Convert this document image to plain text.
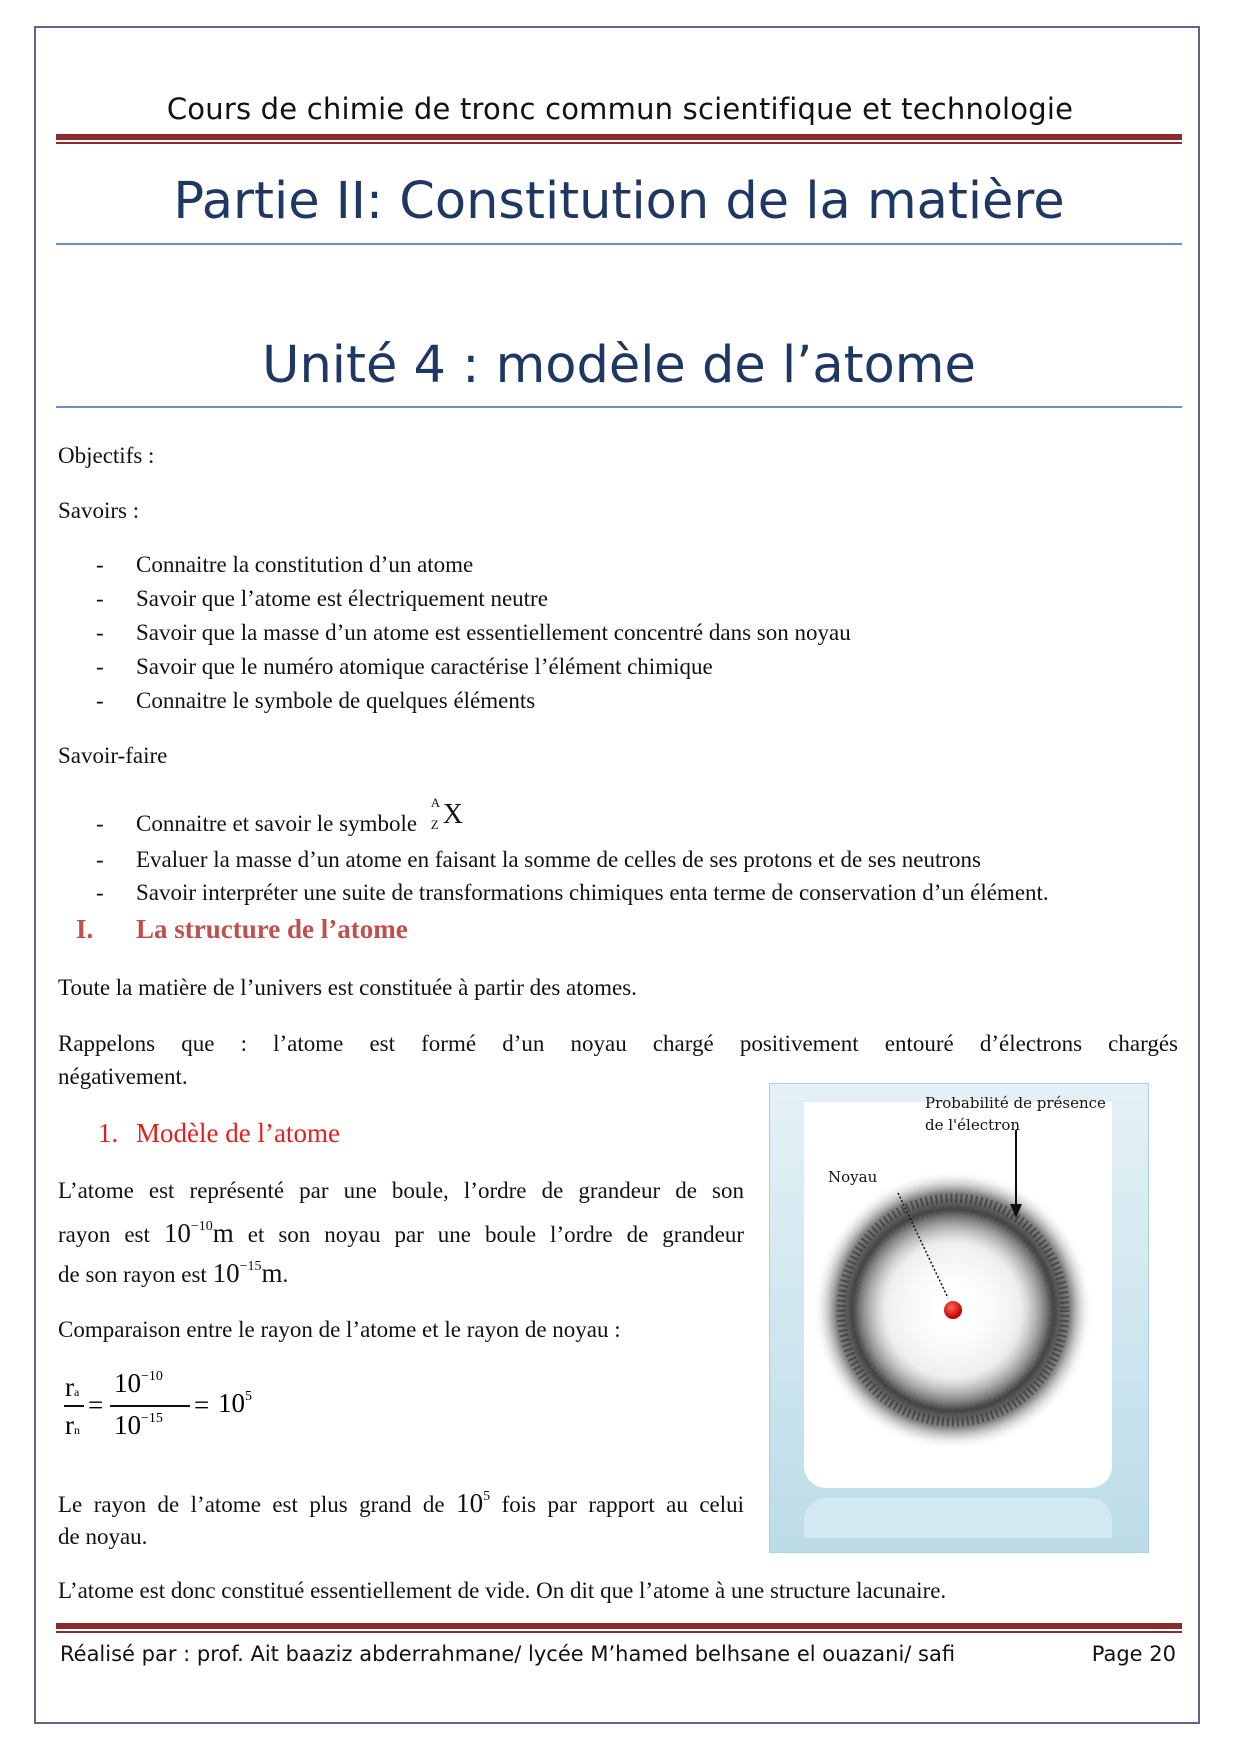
Cours de chimie de tronc commun scientifique et technologie
Partie II: Constitution de la matière
Unité 4 : modèle de l’atome
Objectifs :
Savoirs :
- Connaitre la constitution d’un atome
- Savoir que l’atome est électriquement neutre
- Savoir que la masse d’un atome est essentiellement concentré dans son noyau
- Savoir que le numéro atomique caractérise l’élément chimique
- Connaitre le symbole de quelques éléments
Savoir-faire
- Connaitre et savoir le symbole
A
Z X
- Evaluer la masse d’un atome en faisant la somme de celles de ses protons et de ses neutrons
- Savoir interpréter une suite de transformations chimiques enta terme de conservation d’un élément.
I. La structure de l’atome
Toute la matière de l’univers est constituée à partir des atomes.
Rappelons que : l’atome est formé d’un noyau chargé positivement entouré d’électrons chargés
négativement.
1. Modèle de l’atome
L’atome est représenté par une boule, l’ordre de grandeur de son
rayon est $10^{-10}m$ et son noyau par une boule l’ordre de grandeur
de son rayon est $10^{-15}m$.
Comparaison entre le rayon de l’atome et le rayon de noyau :
ra
rn
=
$10^{-10}$
$10^{-15} = 10^5$
Le rayon de l’atome est plus grand de $10^5$ fois par rapport au celui
de noyau.
L’atome est donc constitué essentiellement de vide. On dit que l’atome à une structure lacunaire.
Probabilité de présence
de l'électron
Noyau
Réalisé par : prof. Ait baaziz abderrahmane/ lycée M’hamed belhsane el ouazani/ safi	Page 20
